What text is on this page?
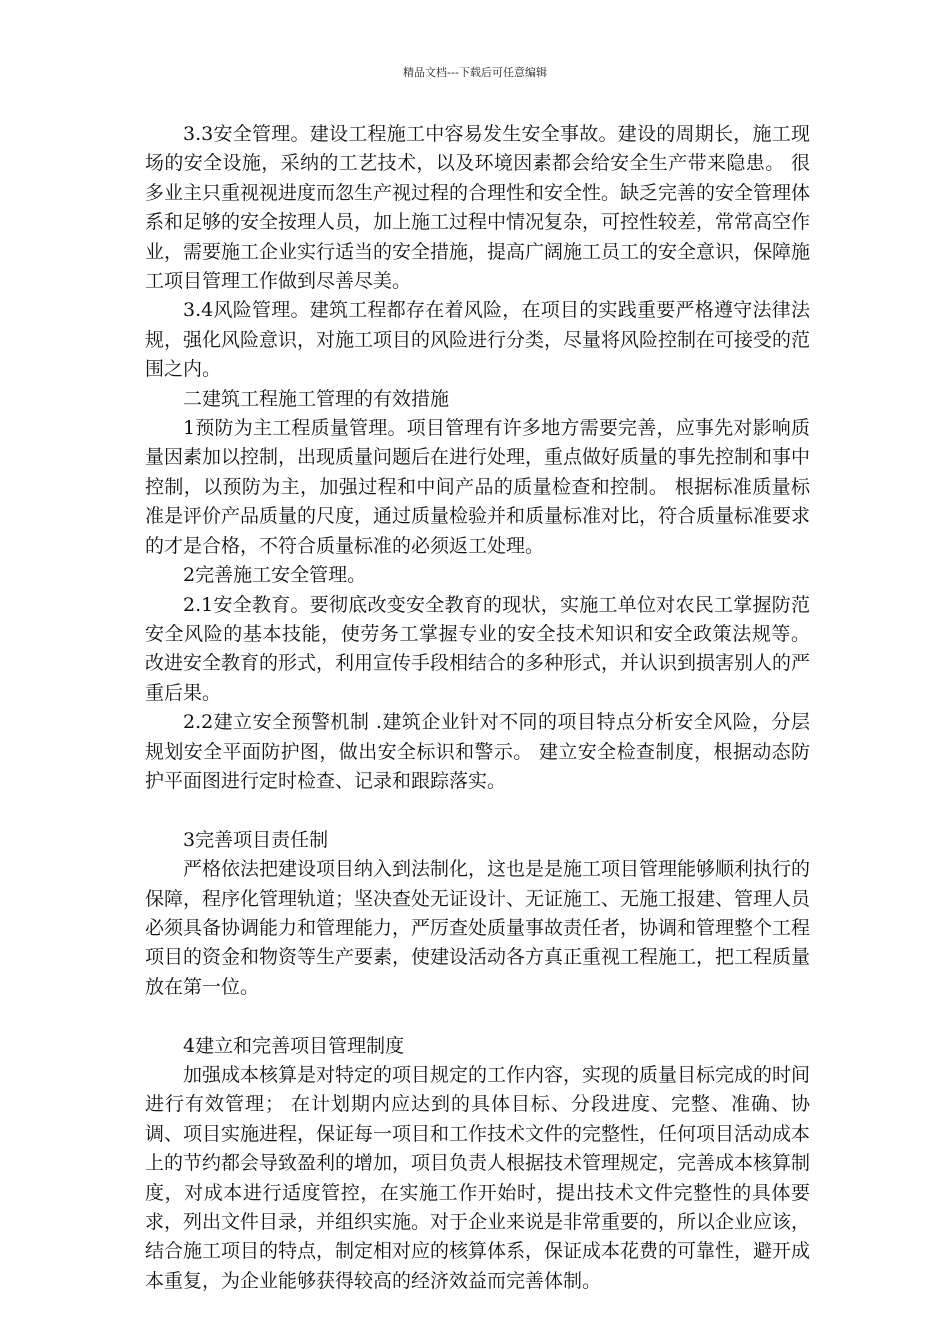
精品文档---下载后可任意编辑

3.3安全管理。建设工程施工中容易发生安全事故。建设的周期长，施工现场的安全设施，采纳的工艺技术，以及环境因素都会给安全生产带来隐患。 很多业主只重视视进度而忽生产视过程的合理性和安全性。缺乏完善的安全管理体系和足够的安全按理人员，加上施工过程中情况复杂，可控性较差，常常高空作业，需要施工企业实行适当的安全措施，提高广阔施工员工的安全意识，保障施工项目管理工作做到尽善尽美。

3.4风险管理。建筑工程都存在着风险，在项目的实践重要严格遵守法律法规，强化风险意识，对施工项目的风险进行分类，尽量将风险控制在可接受的范围之内。

二建筑工程施工管理的有效措施

1预防为主工程质量管理。项目管理有许多地方需要完善，应事先对影响质量因素加以控制，出现质量问题后在进行处理，重点做好质量的事先控制和事中控制，以预防为主，加强过程和中间产品的质量检查和控制。 根据标准质量标准是评价产品质量的尺度，通过质量检验并和质量标准对比，符合质量标准要求的才是合格，不符合质量标准的必须返工处理。

2完善施工安全管理。

2.1安全教育。要彻底改变安全教育的现状，实施工单位对农民工掌握防范安全风险的基本技能，使劳务工掌握专业的安全技术知识和安全政策法规等。 改进安全教育的形式，利用宣传手段相结合的多种形式，并认识到损害别人的严重后果。

2.2建立安全预警机制 .建筑企业针对不同的项目特点分析安全风险，分层规划安全平面防护图，做出安全标识和警示。 建立安全检查制度，根据动态防护平面图进行定时检查、记录和跟踪落实。

3完善项目责任制

严格依法把建设项目纳入到法制化，这也是是施工项目管理能够顺利执行的保障，程序化管理轨道；坚决查处无证设计、无证施工、无施工报建、管理人员必须具备协调能力和管理能力，严厉查处质量事故责任者，协调和管理整个工程项目的资金和物资等生产要素，使建设活动各方真正重视工程施工，把工程质量放在第一位。

4建立和完善项目管理制度

加强成本核算是对特定的项目规定的工作内容，实现的质量目标完成的时间进行有效管理； 在计划期内应达到的具体目标、分段进度、完整、准确、协调、项目实施进程，保证每一项目和工作技术文件的完整性，任何项目活动成本上的节约都会导致盈利的增加，项目负责人根据技术管理规定，完善成本核算制度，对成本进行适度管控，在实施工作开始时，提出技术文件完整性的具体要求，列出文件目录，并组织实施。对于企业来说是非常重要的，所以企业应该，结合施工项目的特点，制定相对应的核算体系，保证成本花费的可靠性，避开成本重复，为企业能够获得较高的经济效益而完善体制。
